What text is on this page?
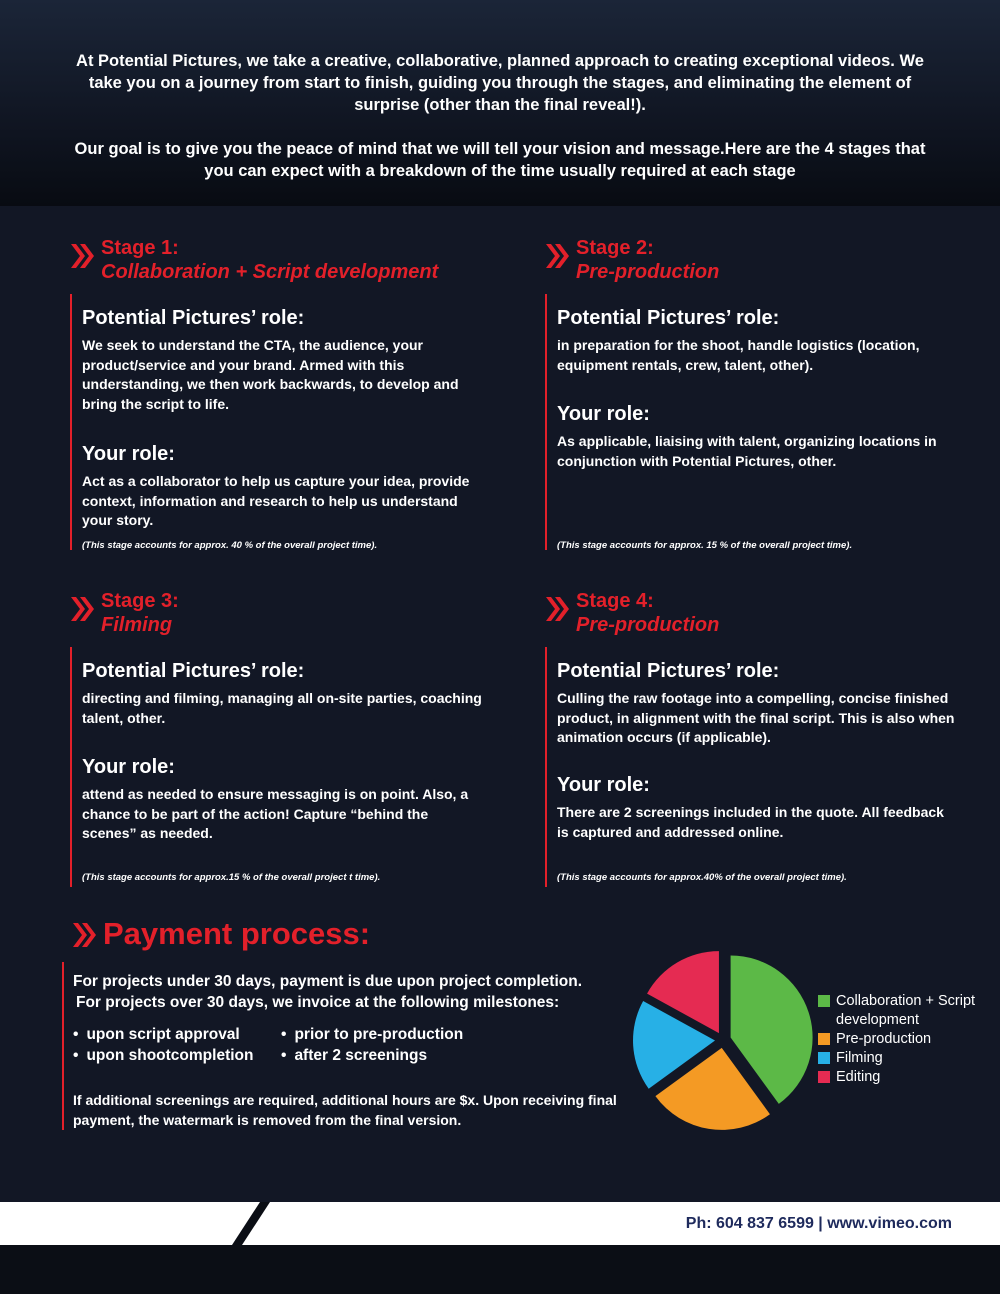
At Potential Pictures, we take a creative, collaborative, planned approach to creating exceptional videos. We take you on a journey from start to finish, guiding you through the stages, and eliminating the element of surprise (other than the final reveal!).

Our goal is to give you the peace of mind that we will tell your vision and message.Here are the 4 stages that you can expect with a breakdown of the time usually required at each stage

Stage 1:
Collaboration + Script development
Potential Pictures’ role:
We seek to understand the CTA, the audience, your product/service and your brand. Armed with this understanding, we then work backwards, to develop and bring the script to life.
Your role:
Act as a collaborator to help us capture your idea, provide context, information and research to help us understand your story.
(This stage accounts for approx. 40 % of the overall project time).
Stage 2:
Pre-production
Potential Pictures’ role:
in preparation for the shoot, handle logistics (location, equipment rentals, crew, talent, other).
Your role:
As applicable, liaising with talent, organizing locations in conjunction with Potential Pictures, other.
(This stage accounts for approx. 15 % of the overall project time).
Stage 3:
Filming
Potential Pictures’ role:
directing and filming, managing all on-site parties, coaching talent, other.
Your role:
attend as needed to ensure messaging is on point. Also, a chance to be part of the action! Capture “behind the scenes” as needed.
(This stage accounts for approx.15 % of the overall project t time).
Stage 4:
Pre-production
Potential Pictures’ role:
Culling the raw footage into a compelling, concise finished product, in alignment with the final script. This is also when animation occurs (if applicable).
Your role:
There are 2 screenings included in the quote. All feedback is captured and addressed online.
(This stage accounts for approx.40% of the overall project time).
Payment process:
For projects under 30 days, payment is due upon project completion.
For projects over 30 days, we invoice at the following milestones:
• upon script approval	• prior to pre-production
• upon shootcompletion • after 2 screenings
If additional screenings are required, additional hours are $x. Upon receiving final payment, the watermark is removed from the final version.
Collaboration + Script development
Pre-production
Filming
Editing
Ph: 604 837 6599 | www.vimeo.com
